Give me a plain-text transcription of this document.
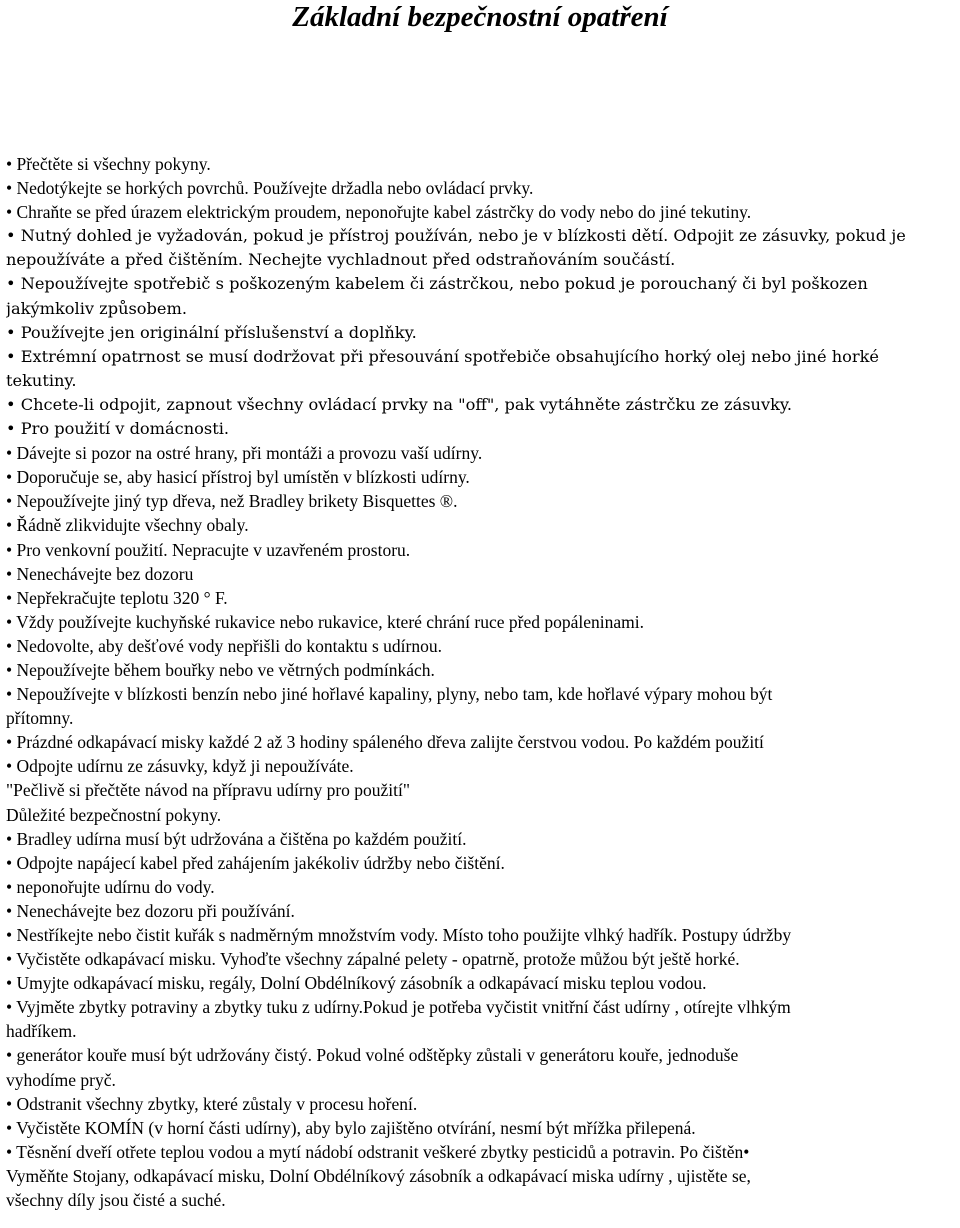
Základní bezpečnostní opatření
• Přečtěte si všechny pokyny.
• Nedotýkejte se horkých povrchů. Používejte držadla nebo ovládací prvky.
• Chraňte se před úrazem elektrickým proudem, neponořujte kabel zástrčky do vody nebo do jiné tekutiny.
• Nutný dohled je vyžadován, pokud je přístroj používán, nebo je v blízkosti dětí. Odpojit ze zásuvky, pokud je
nepoužíváte a před čištěním. Nechejte vychladnout před odstraňováním součástí.
• Nepoužívejte spotřebič s poškozeným kabelem či zástrčkou, nebo pokud je porouchaný či byl poškozen
jakýmkoliv způsobem.
• Používejte jen originální příslušenství a doplňky.
• Extrémní opatrnost se musí dodržovat při přesouvání spotřebiče obsahujícího horký olej nebo jiné horké
tekutiny.
• Chcete-li odpojit, zapnout všechny ovládací prvky na "off", pak vytáhněte zástrčku ze zásuvky.
• Pro použití v domácnosti.
• Dávejte si pozor na ostré hrany, při montáži a provozu vaší udírny.
• Doporučuje se, aby hasicí přístroj byl umístěn v blízkosti udírny.
• Nepoužívejte jiný typ dřeva, než Bradley brikety Bisquettes ®.
• Řádně zlikvidujte všechny obaly.
• Pro venkovní použití. Nepracujte v uzavřeném prostoru.
• Nenechávejte bez dozoru
• Nepřekračujte teplotu 320 ° F.
• Vždy používejte kuchyňské rukavice nebo rukavice, které chrání ruce před popáleninami.
• Nedovolte, aby dešťové vody nepřišli do kontaktu s udírnou.
• Nepoužívejte během bouřky nebo ve větrných podmínkách.
• Nepoužívejte v blízkosti benzín nebo jiné hořlavé kapaliny, plyny, nebo tam, kde hořlavé výpary mohou být
přítomny.
• Prázdné odkapávací misky každé 2 až 3 hodiny spáleného dřeva zalijte čerstvou vodou. Po každém použití
• Odpojte udírnu ze zásuvky, když ji nepoužíváte.
"Pečlivě si přečtěte návod na přípravu udírny pro použití"
Důležité bezpečnostní pokyny.
• Bradley udírna musí být udržována a čištěna po každém použití.
• Odpojte napájecí kabel před zahájením jakékoliv údržby nebo čištění.
• neponořujte udírnu do vody.
• Nenechávejte bez dozoru při používání.
• Nestříkejte nebo čistit kuřák s nadměrným množstvím vody. Místo toho použijte vlhký hadřík. Postupy údržby
• Vyčistěte odkapávací misku. Vyhoďte všechny zápalné pelety - opatrně, protože můžou být ještě horké.
• Umyjte odkapávací misku, regály, Dolní Obdélníkový zásobník a odkapávací misku teplou vodou.
• Vyjměte zbytky potraviny a zbytky tuku z udírny.Pokud je potřeba vyčistit vnitřní část udírny , otírejte vlhkým
hadříkem.
• generátor kouře musí být udržovány čistý. Pokud volné odštěpky zůstali v generátoru kouře, jednoduše
vyhodíme pryč.
• Odstranit všechny zbytky, které zůstaly v procesu hoření.
• Vyčistěte KOMÍN (v horní části udírny), aby bylo zajištěno otvírání, nesmí být mřížka přilepená.
• Těsnění dveří otřete teplou vodou a mytí nádobí odstranit veškeré zbytky pesticidů a potravin. Po čištěn•
Vyměňte Stojany, odkapávací misku, Dolní Obdélníkový zásobník a odkapávací miska udírny , ujistěte se,
všechny díly jsou čisté a suché.
